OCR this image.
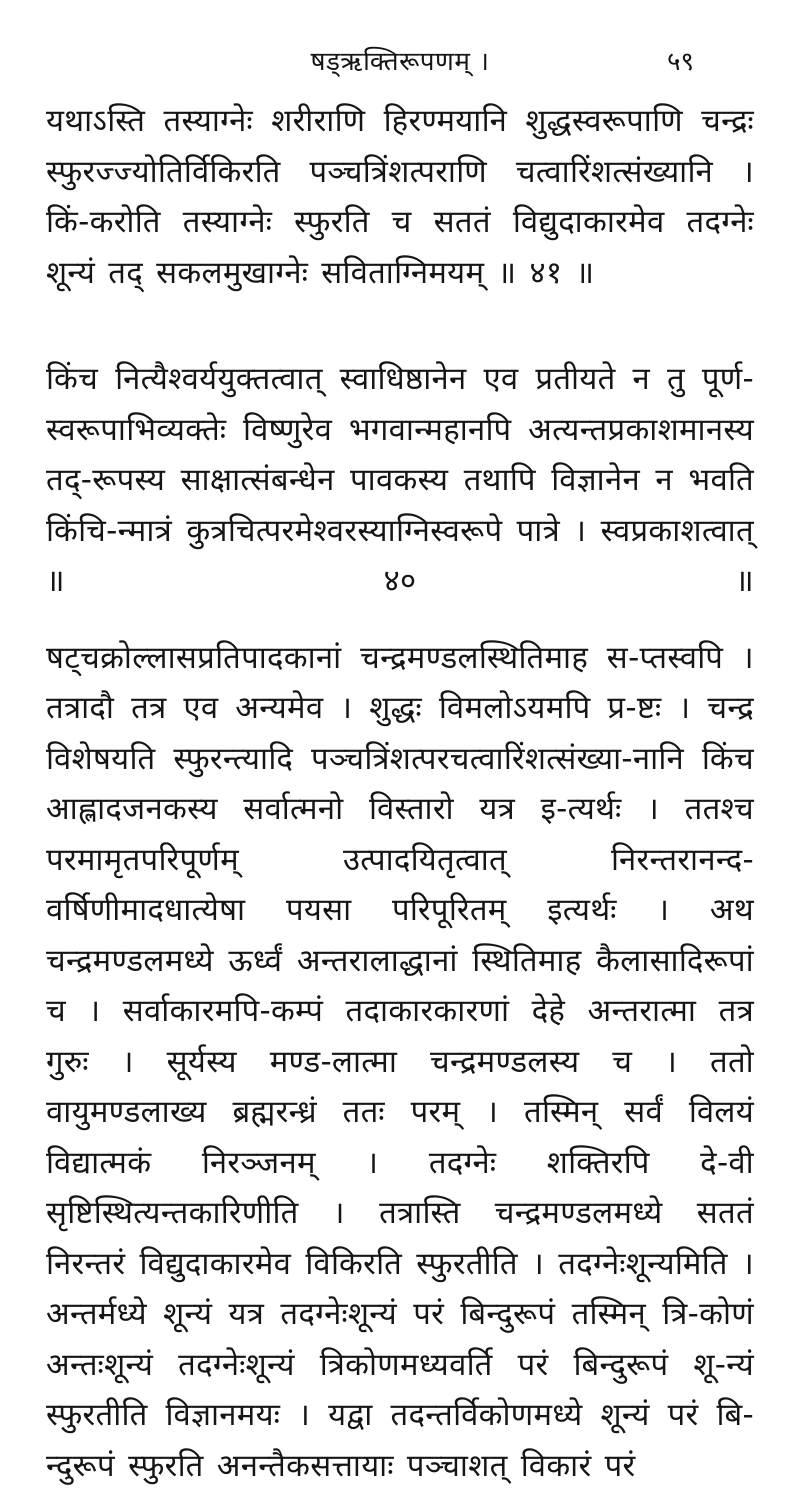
षड्ऋक्तिरूपणम् ।	५९
यथाऽस्ति तस्याग्नेः शरीराणि हिरण्मयानि शुद्धस्वरूपाणि चन्द्रः स्फुरज्ज्योतिर्विकिरति पञ्चत्रिंशत्पराणि चत्वारिंशत्संख्यानि । किं-करोति तस्याग्नेः स्फुरति च सततं विद्युदाकारमेव तदग्नेः शून्यं तद् सकलमुखाग्नेः सविताग्निमयम् ॥ ४१ ॥
किंच नित्यैश्वर्ययुक्तत्वात् स्वाधिष्ठानेन एव प्रतीयते न तु पूर्ण-स्वरूपाभिव्यक्तेः विष्णुरेव भगवान्महानपि अत्यन्तप्रकाशमानस्य तद्-रूपस्य साक्षात्संबन्धेन पावकस्य तथापि विज्ञानेन न भवति किंचि-न्मात्रं कुत्रचित्परमेश्वरस्याग्निस्वरूपे पात्रे । स्वप्रकाशत्वात् ॥ ४० ॥
षट्चक्रोल्लासप्रतिपादकानां चन्द्रमण्डलस्थितिमाह स-प्तस्वपि । तत्रादौ तत्र एव अन्यमेव । शुद्धः विमलोऽयमपि प्र-ष्टः । चन्द्र विशेषयति स्फुरन्त्यादि पञ्चत्रिंशत्परचत्वारिंशत्संख्या-नानि किंच आह्लादजनकस्य सर्वात्मनो विस्तारो यत्र इ-त्यर्थः । ततश्च परमामृतपरिपूर्णम् उत्पादयितृत्वात् निरन्तरानन्द-वर्षिणीमादधात्येषा पयसा परिपूरितम् इत्यर्थः । अथ चन्द्रमण्डलमध्ये ऊर्ध्वं अन्तरालाद्धानां स्थितिमाह कैलासादिरूपां च । सर्वाकारमपि-कम्पं तदाकारकारणां देहे अन्तरात्मा तत्र गुरुः । सूर्यस्य मण्ड-लात्मा चन्द्रमण्डलस्य च । ततो वायुमण्डलाख्य ब्रह्मरन्ध्रं ततः परम् । तस्मिन् सर्वं विलयं विद्यात्मकं निरञ्जनम् । तदग्नेः शक्तिरपि दे-वी सृष्टिस्थित्यन्तकारिणीति । तत्रास्ति चन्द्रमण्डलमध्ये सततं
निरन्तरं विद्युदाकारमेव विकिरति स्फुरतीति । तदग्नेःशून्यमिति । अन्तर्मध्ये शून्यं यत्र तदग्नेःशून्यं परं बिन्दुरूपं तस्मिन् त्रि-कोणं अन्तःशून्यं तदग्नेःशून्यं त्रिकोणमध्यवर्ति परं बिन्दुरूपं शू-न्यं स्फुरतीति विज्ञानमयः । यद्वा तदन्तर्विकोणमध्ये शून्यं परं बि-न्दुरूपं स्फुरति अनन्तैकसत्तायाः पञ्चाशत् विकारं परं
